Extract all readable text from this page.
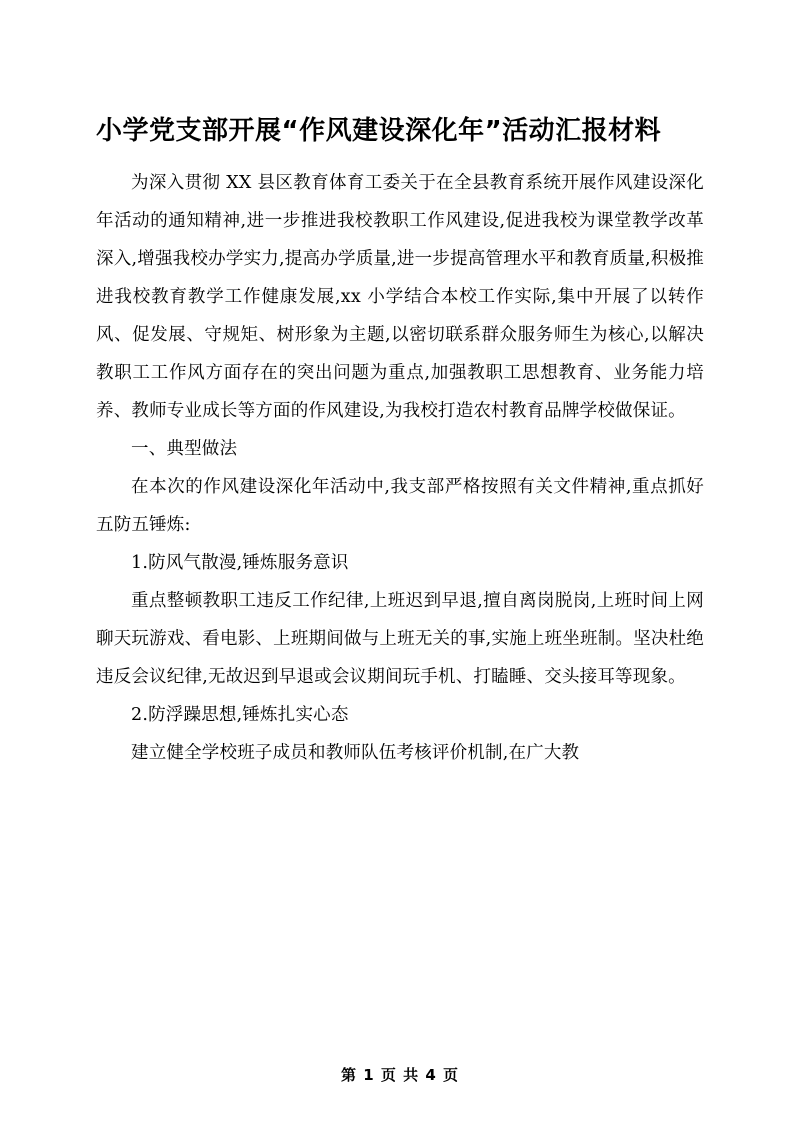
小学党支部开展“作风建设深化年”活动汇报材料

为深入贯彻 XX 县区教育体育工委关于在全县教育系统开展作风建设深化年活动的通知精神,进一步推进我校教职工作风建设,促进我校为课堂教学改革深入,增强我校办学实力,提高办学质量,进一步提高管理水平和教育质量,积极推进我校教育教学工作健康发展,xx 小学结合本校工作实际,集中开展了以转作风、促发展、守规矩、树形象为主题,以密切联系群众服务师生为核心,以解决教职工工作风方面存在的突出问题为重点,加强教职工思想教育、业务能力培养、教师专业成长等方面的作风建设,为我校打造农村教育品牌学校做保证。

一、典型做法

在本次的作风建设深化年活动中,我支部严格按照有关文件精神,重点抓好五防五锤炼:

1.防风气散漫,锤炼服务意识

重点整顿教职工违反工作纪律,上班迟到早退,擅自离岗脱岗,上班时间上网聊天玩游戏、看电影、上班期间做与上班无关的事,实施上班坐班制。坚决杜绝违反会议纪律,无故迟到早退或会议期间玩手机、打瞌睡、交头接耳等现象。

2.防浮躁思想,锤炼扎实心态

建立健全学校班子成员和教师队伍考核评价机制,在广大教

第 1 页 共 4 页
